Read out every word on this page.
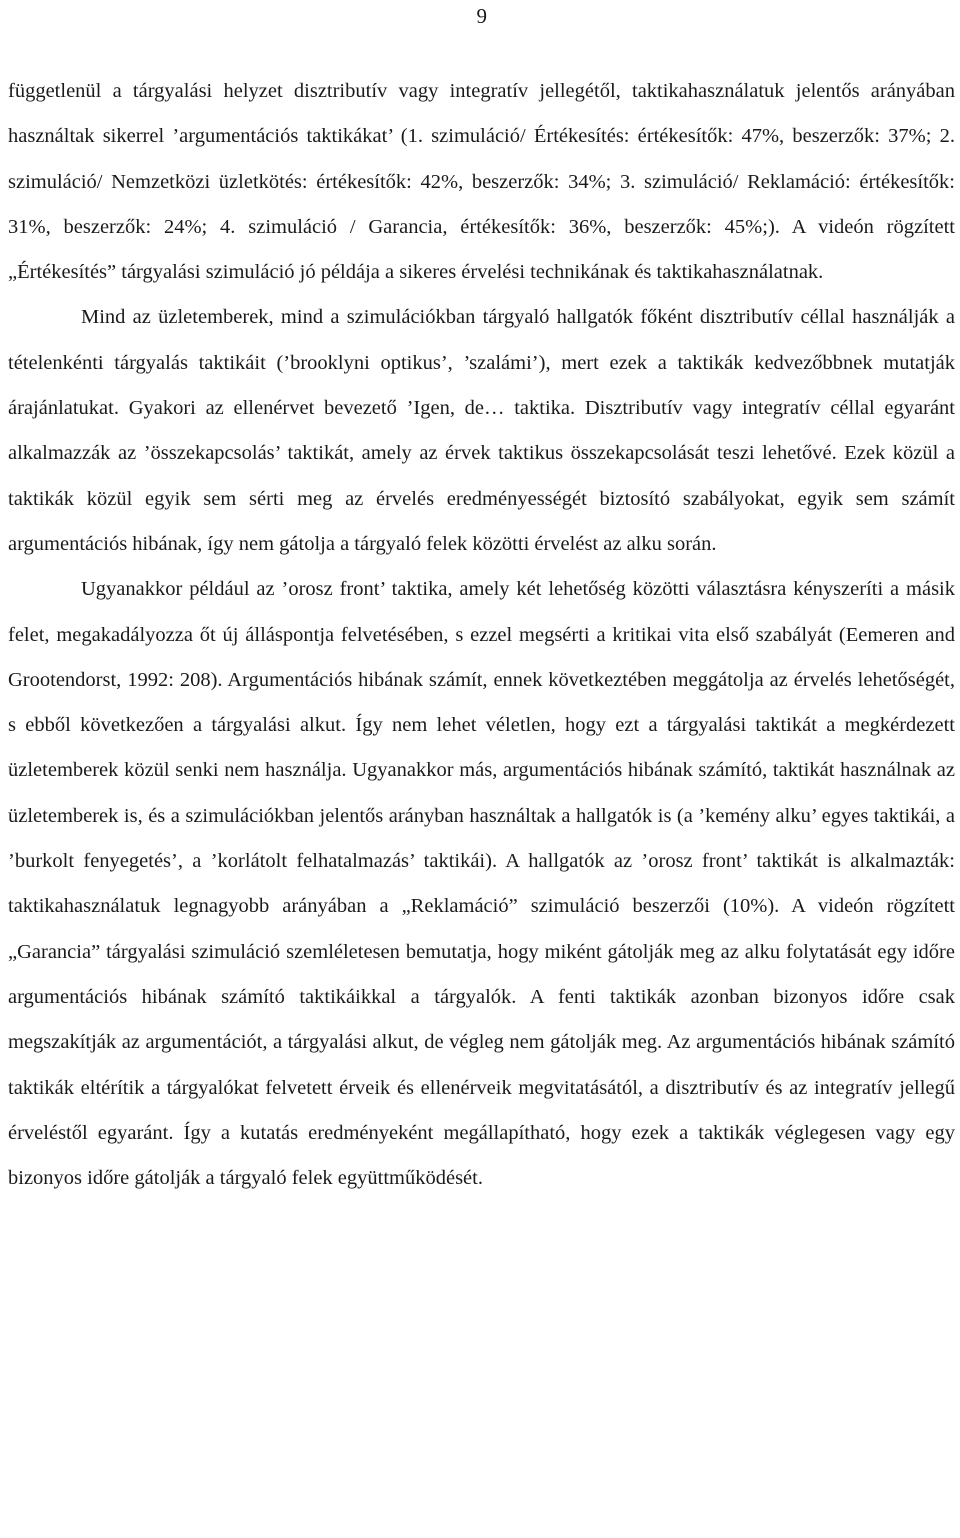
9

függetlenül a tárgyalási helyzet disztributív vagy integratív jellegétől, taktikahasználatuk jelentős arányában használtak sikerrel ’argumentációs taktikákat’ (1. szimuláció/ Értékesítés: értékesítők: 47%, beszerzők: 37%; 2. szimuláció/ Nemzetközi üzletkötés: értékesítők: 42%, beszerzők: 34%; 3. szimuláció/ Reklamáció: értékesítők: 31%, beszerzők: 24%; 4. szimuláció / Garancia, értékesítők: 36%, beszerzők: 45%;). A videón rögzített „Értékesítés” tárgyalási szimuláció jó példája a sikeres érvelési technikának és taktikahasználatnak.

Mind az üzletemberek, mind a szimulációkban tárgyaló hallgatók főként disztributív céllal használják a tételenkénti tárgyalás taktikáit (’brooklyni optikus’, ’szalámi’), mert ezek a taktikák kedvezőbbnek mutatják árajánlatukat. Gyakori az ellenérvet bevezető ’Igen, de… taktika. Disztributív vagy integratív céllal egyaránt alkalmazzák az ’összekapcsolás’ taktikát, amely az érvek taktikus összekapcsolását teszi lehetővé. Ezek közül a taktikák közül egyik sem sérti meg az érvelés eredményességét biztosító szabályokat, egyik sem számít argumentációs hibának, így nem gátolja a tárgyaló felek közötti érvelést az alku során.

Ugyanakkor például az ’orosz front’ taktika, amely két lehetőség közötti választásra kényszeríti a másik felet, megakadályozza őt új álláspontja felvetésében, s ezzel megsérti a kritikai vita első szabályát (Eemeren and Grootendorst, 1992: 208). Argumentációs hibának számít, ennek következtében meggátolja az érvelés lehetőségét, s ebből következően a tárgyalási alkut. Így nem lehet véletlen, hogy ezt a tárgyalási taktikát a megkérdezett üzletemberek közül senki nem használja. Ugyanakkor más, argumentációs hibának számító, taktikát használnak az üzletemberek is, és a szimulációkban jelentős arányban használtak a hallgatók is (a ’kemény alku’ egyes taktikái, a ’burkolt fenyegetés’, a ’korlátolt felhatalmazás’ taktikái). A hallgatók az ’orosz front’ taktikát is alkalmazták: taktikahasználatuk legnagyobb arányában a „Reklamáció” szimuláció beszerzői (10%). A videón rögzített „Garancia” tárgyalási szimuláció szemléletesen bemutatja, hogy miként gátolják meg az alku folytatását egy időre argumentációs hibának számító taktikáikkal a tárgyalók. A fenti taktikák azonban bizonyos időre csak megszakítják az argumentációt, a tárgyalási alkut, de végleg nem gátolják meg. Az argumentációs hibának számító taktikák eltérítik a tárgyalókat felvetett érveik és ellenérveik megvitatásától, a disztributív és az integratív jellegű érveléstől egyaránt. Így a kutatás eredményeként megállapítható, hogy ezek a taktikák véglegesen vagy egy bizonyos időre gátolják a tárgyaló felek együttműködését.
